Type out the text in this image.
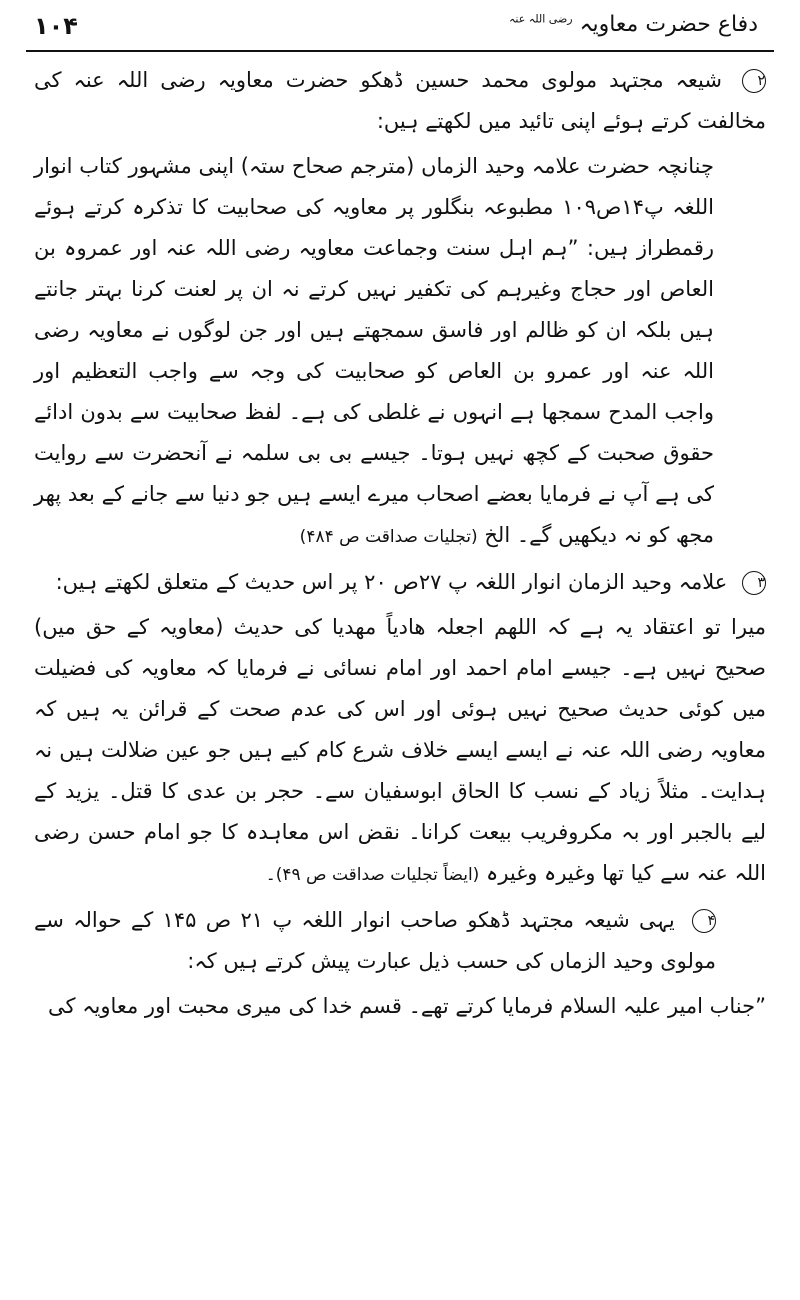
۱۰۴	دفاع حضرت معاویہ $^{رضی اللہ عنہ}$

۲ شیعہ مجتہد مولوی محمد حسین ڈھکو حضرت معاویہ رضی اللہ عنہ کی مخالفت کرتے ہوئے اپنی تائید میں لکھتے ہیں:

چنانچہ حضرت علامہ وحید الزماں (مترجم صحاح ستہ) اپنی مشہور کتاب انوار اللغہ پ۱۴ص۱۰۹ مطبوعہ بنگلور پر معاویہ کی صحابیت کا تذکرہ کرتے ہوئے رقمطراز ہیں: ”ہم اہل سنت وجماعت معاویہ رضی اللہ عنہ اور عمروہ بن العاص اور حجاج وغیرہم کی تکفیر نہیں کرتے نہ ان پر لعنت کرنا بہتر جانتے ہیں بلکہ ان کو ظالم اور فاسق سمجھتے ہیں اور جن لوگوں نے معاویہ رضی اللہ عنہ اور عمرو بن العاص کو صحابیت کی وجہ سے واجب التعظیم اور واجب المدح سمجھا ہے انہوں نے غلطی کی ہے۔ لفظ صحابیت سے بدون ادائے حقوق صحبت کے کچھ نہیں ہوتا۔ جیسے بی بی سلمہ نے آنحضرت سے روایت کی ہے آپ نے فرمایا بعضے اصحاب میرے ایسے ہیں جو دنیا سے جانے کے بعد پھر مجھ کو نہ دیکھیں گے۔ الخ (تجلیات صداقت ص ۴۸۴)

۳ علامہ وحید الزمان انوار اللغہ پ ۲۷ص ۲۰ پر اس حدیث کے متعلق لکھتے ہیں:

میرا تو اعتقاد یہ ہے کہ اللھم اجعلہ ھادیاً مھدیا کی حدیث (معاویہ کے حق میں) صحیح نہیں ہے۔ جیسے امام احمد اور امام نسائی نے فرمایا کہ معاویہ کی فضیلت میں کوئی حدیث صحیح نہیں ہوئی اور اس کی عدم صحت کے قرائن یہ ہیں کہ معاویہ رضی اللہ عنہ نے ایسے ایسے خلاف شرع کام کیے ہیں جو عین ضلالت ہیں نہ ہدایت۔ مثلاً زیاد کے نسب کا الحاق ابوسفیان سے۔ حجر بن عدی کا قتل۔ یزید کے لیے بالجبر اور بہ مکروفریب بیعت کرانا۔ نقض اس معاہدہ کا جو امام حسن رضی اللہ عنہ سے کیا تھا وغیرہ وغیرہ (ایضاً تجلیات صداقت ص ۴۹)۔

۴ یہی شیعہ مجتہد ڈھکو صاحب انوار اللغہ پ ۲۱ ص ۱۴۵ کے حوالہ سے مولوی وحید الزماں کی حسب ذیل عبارت پیش کرتے ہیں کہ:

”جناب امیر علیہ السلام فرمایا کرتے تھے۔ قسم خدا کی میری محبت اور معاویہ کی
